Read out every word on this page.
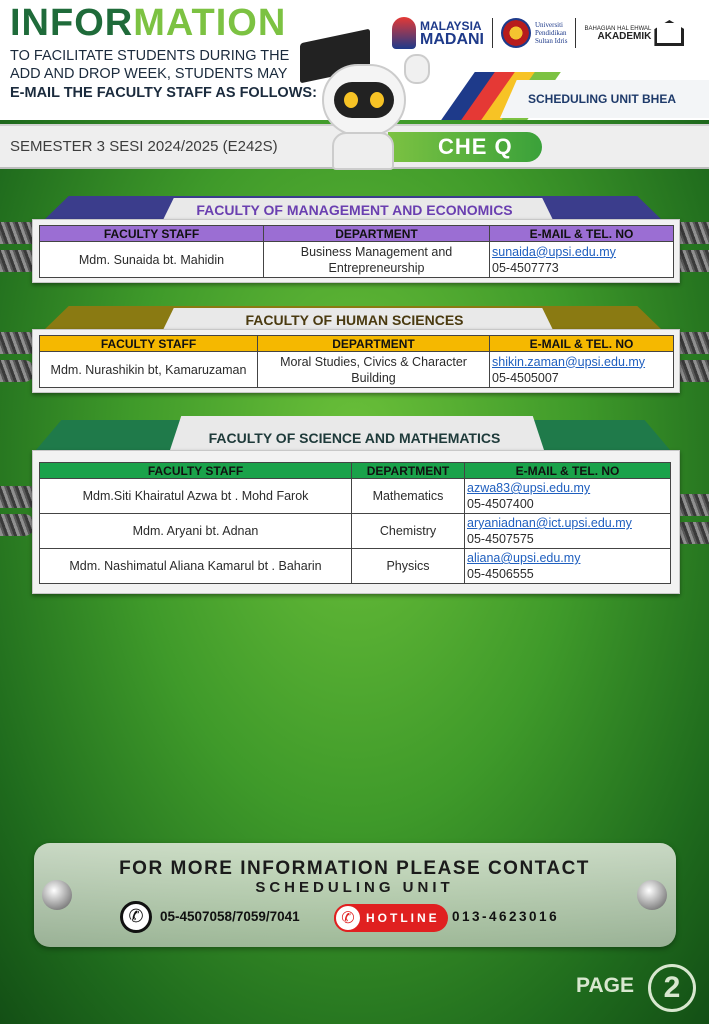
INFORMATION
TO FACILITATE STUDENTS DURING THE ADD AND DROP WEEK, STUDENTS MAY
E-MAIL THE FACULTY STAFF AS FOLLOWS:
MALAYSIA
MADANI
Universiti
Pendidikan
Sultan Idris
BAHAGIAN HAL EHWAL
AKADEMIK
SCHEDULING UNIT BHEA
SEMESTER 3 SESI 2024/2025 (E242S)	CHE Q
FACULTY OF MANAGEMENT AND ECONOMICS
FACULTY STAFF	DEPARTMENT	E-MAIL & TEL. NO
Mdm. Sunaida bt. Mahidin	Business Management and Entrepreneurship	sunaida@upsi.edu.my
05-4507773
FACULTY OF HUMAN SCIENCES
FACULTY STAFF	DEPARTMENT	E-MAIL & TEL. NO
Mdm. Nurashikin bt, Kamaruzaman	Moral Studies, Civics & Character Building	shikin.zaman@upsi.edu.my
05-4505007
FACULTY OF SCIENCE AND MATHEMATICS
FACULTY STAFF	DEPARTMENT	E-MAIL & TEL. NO
Mdm.Siti Khairatul Azwa bt . Mohd Farok	Mathematics	azwa83@upsi.edu.my
05-4507400

Mdm. Aryani bt. Adnan	Chemistry	aryaniadnan@ict.upsi.edu.my
05-4507575

Mdm. Nashimatul Aliana Kamarul bt . Baharin	Physics	aliana@upsi.edu.my
05-4506555
FOR MORE INFORMATION PLEASE CONTACT
SCHEDULING UNIT
✆	05-4507058/7059/7041	✆ HOTLINE 013-4623016
PAGE 2
